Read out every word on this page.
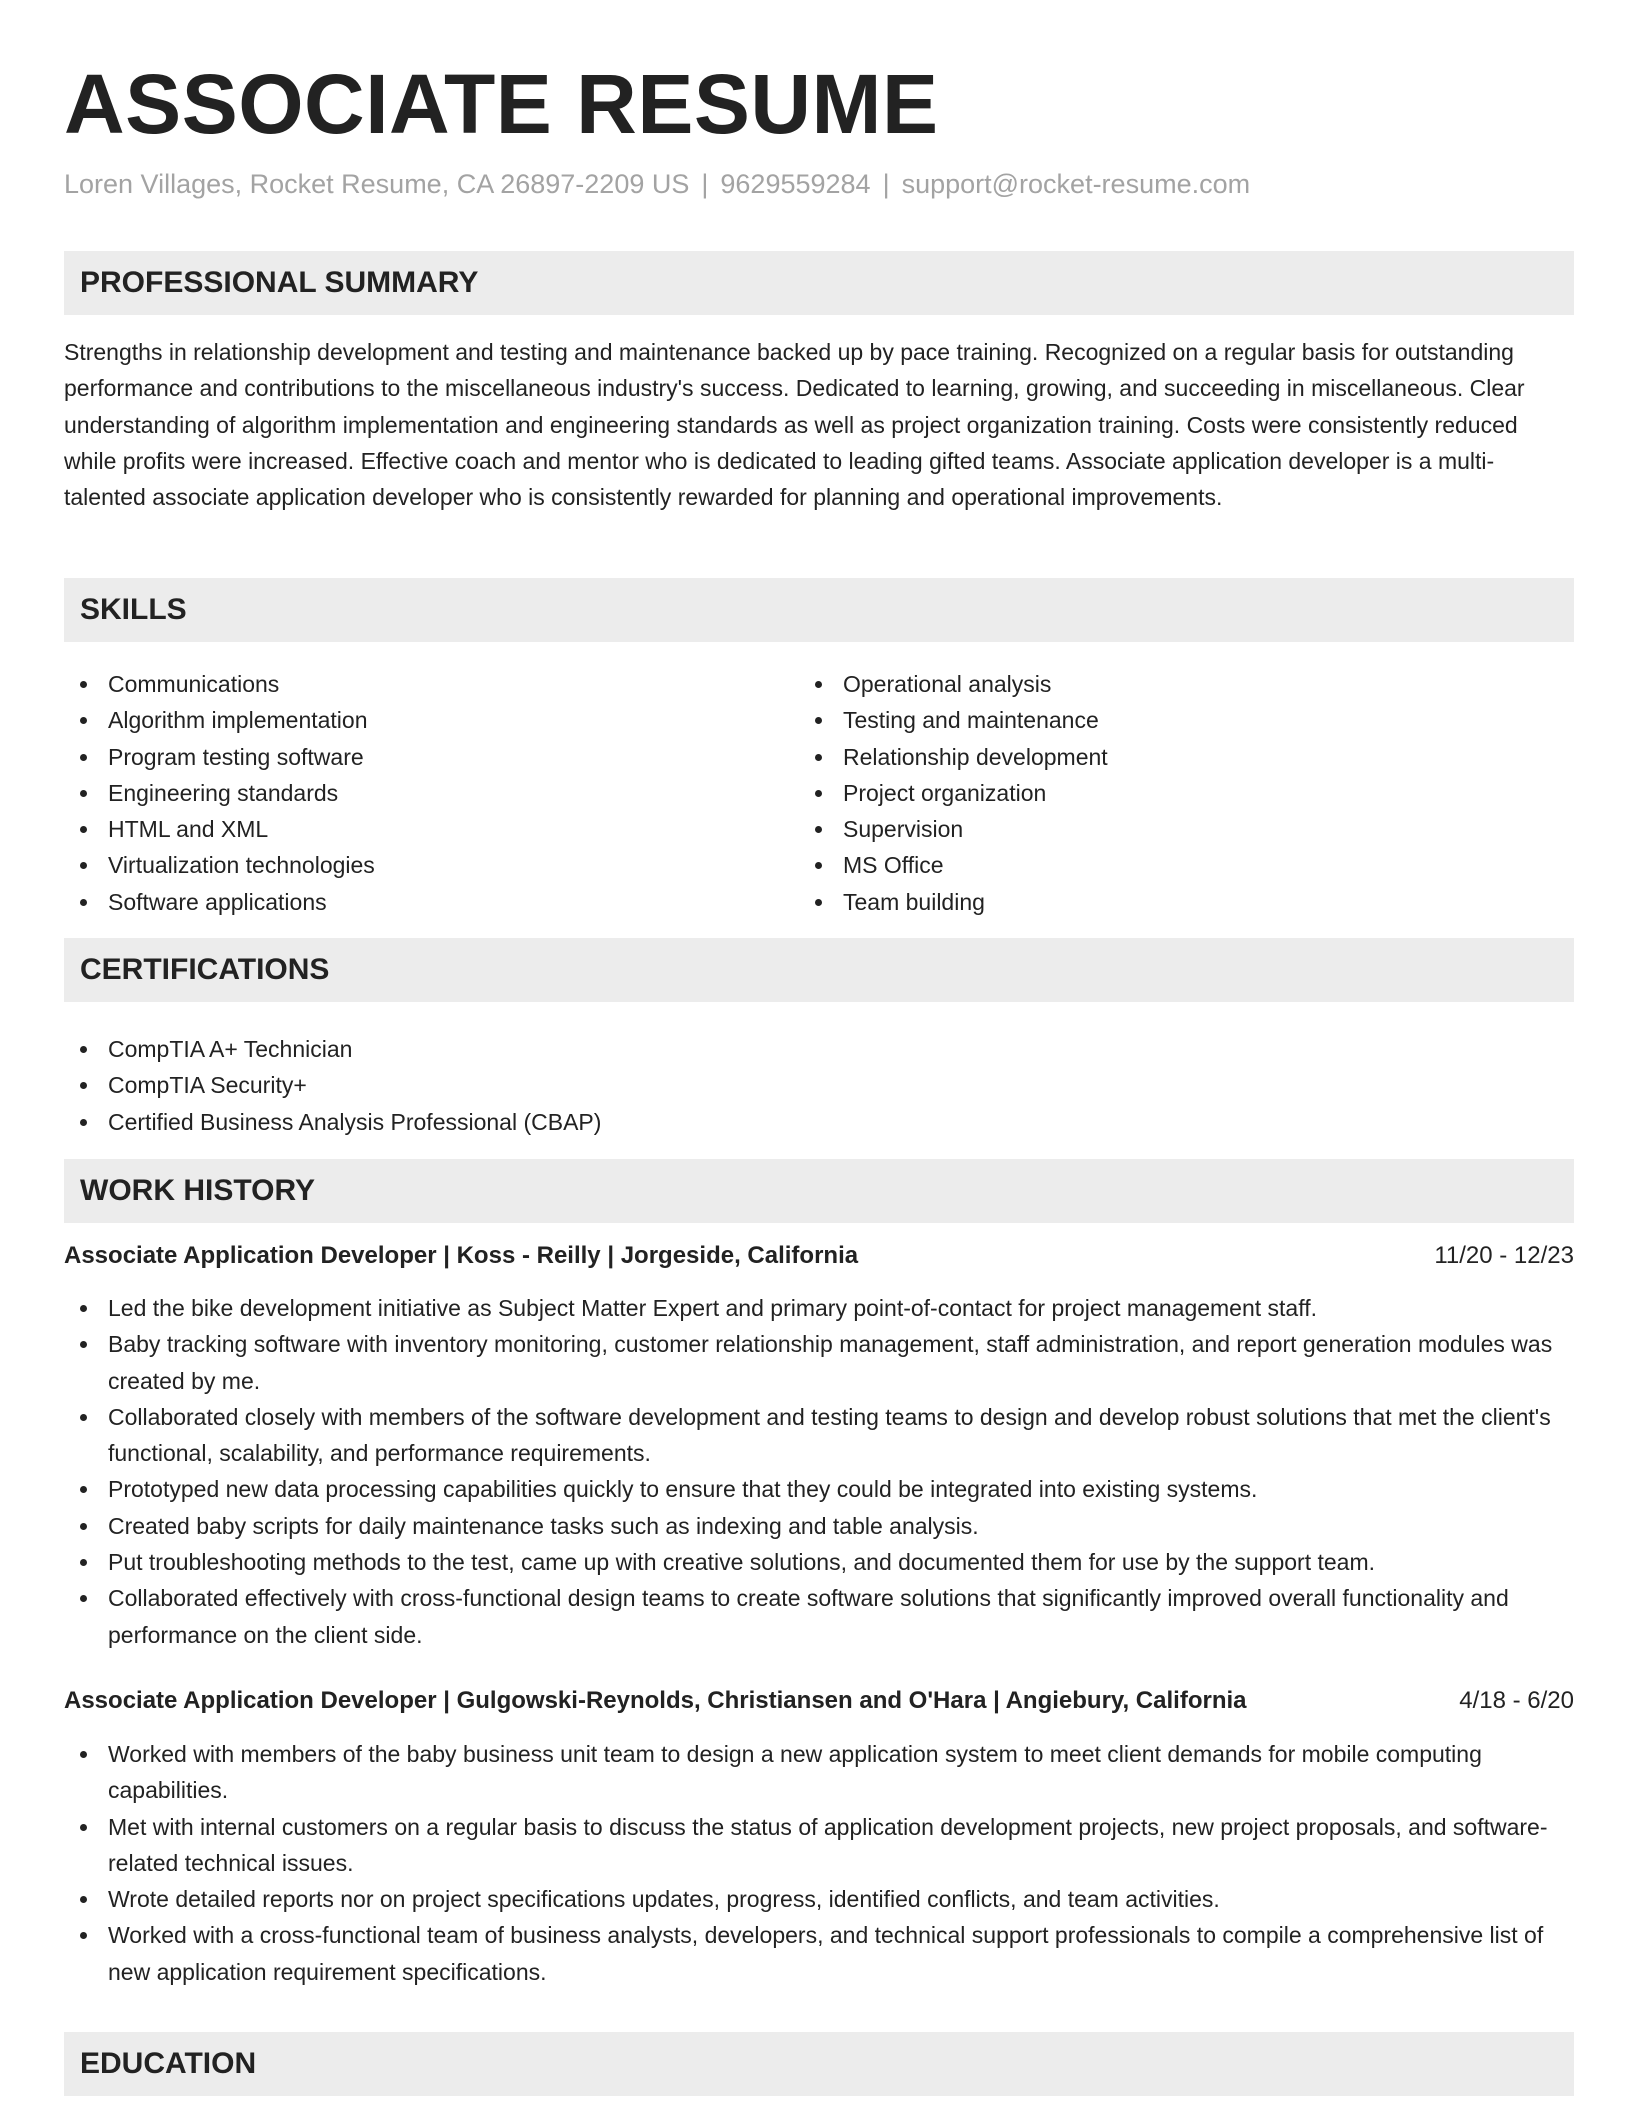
ASSOCIATE RESUME
Loren Villages, Rocket Resume, CA 26897-2209 US | 9629559284 | support@rocket-resume.com
PROFESSIONAL SUMMARY

Strengths in relationship development and testing and maintenance backed up by pace training. Recognized on a regular basis for outstanding performance and contributions to the miscellaneous industry's success. Dedicated to learning, growing, and succeeding in miscellaneous. Clear understanding of algorithm implementation and engineering standards as well as project organization training. Costs were consistently reduced while profits were increased. Effective coach and mentor who is dedicated to leading gifted teams. Associate application developer is a multi-talented associate application developer who is consistently rewarded for planning and operational improvements.

SKILLS
Communications
Algorithm implementation
Program testing software
Engineering standards
HTML and XML
Virtualization technologies
Software applications
Operational analysis
Testing and maintenance
Relationship development
Project organization
Supervision
MS Office
Team building
CERTIFICATIONS
CompTIA A+ Technician
CompTIA Security+
Certified Business Analysis Professional (CBAP)
WORK HISTORY
Associate Application Developer | Koss - Reilly | Jorgeside, California	11/20 - 12/23
Led the bike development initiative as Subject Matter Expert and primary point-of-contact for project management staff.
Baby tracking software with inventory monitoring, customer relationship management, staff administration, and report generation modules was created by me.
Collaborated closely with members of the software development and testing teams to design and develop robust solutions that met the client's functional, scalability, and performance requirements.
Prototyped new data processing capabilities quickly to ensure that they could be integrated into existing systems.
Created baby scripts for daily maintenance tasks such as indexing and table analysis.
Put troubleshooting methods to the test, came up with creative solutions, and documented them for use by the support team.
Collaborated effectively with cross-functional design teams to create software solutions that significantly improved overall functionality and performance on the client side.
Associate Application Developer | Gulgowski-Reynolds, Christiansen and O'Hara | Angiebury, California	4/18 - 6/20
Worked with members of the baby business unit team to design a new application system to meet client demands for mobile computing capabilities.
Met with internal customers on a regular basis to discuss the status of application development projects, new project proposals, and software-related technical issues.
Wrote detailed reports nor on project specifications updates, progress, identified conflicts, and team activities.
Worked with a cross-functional team of business analysts, developers, and technical support professionals to compile a comprehensive list of new application requirement specifications.
EDUCATION
